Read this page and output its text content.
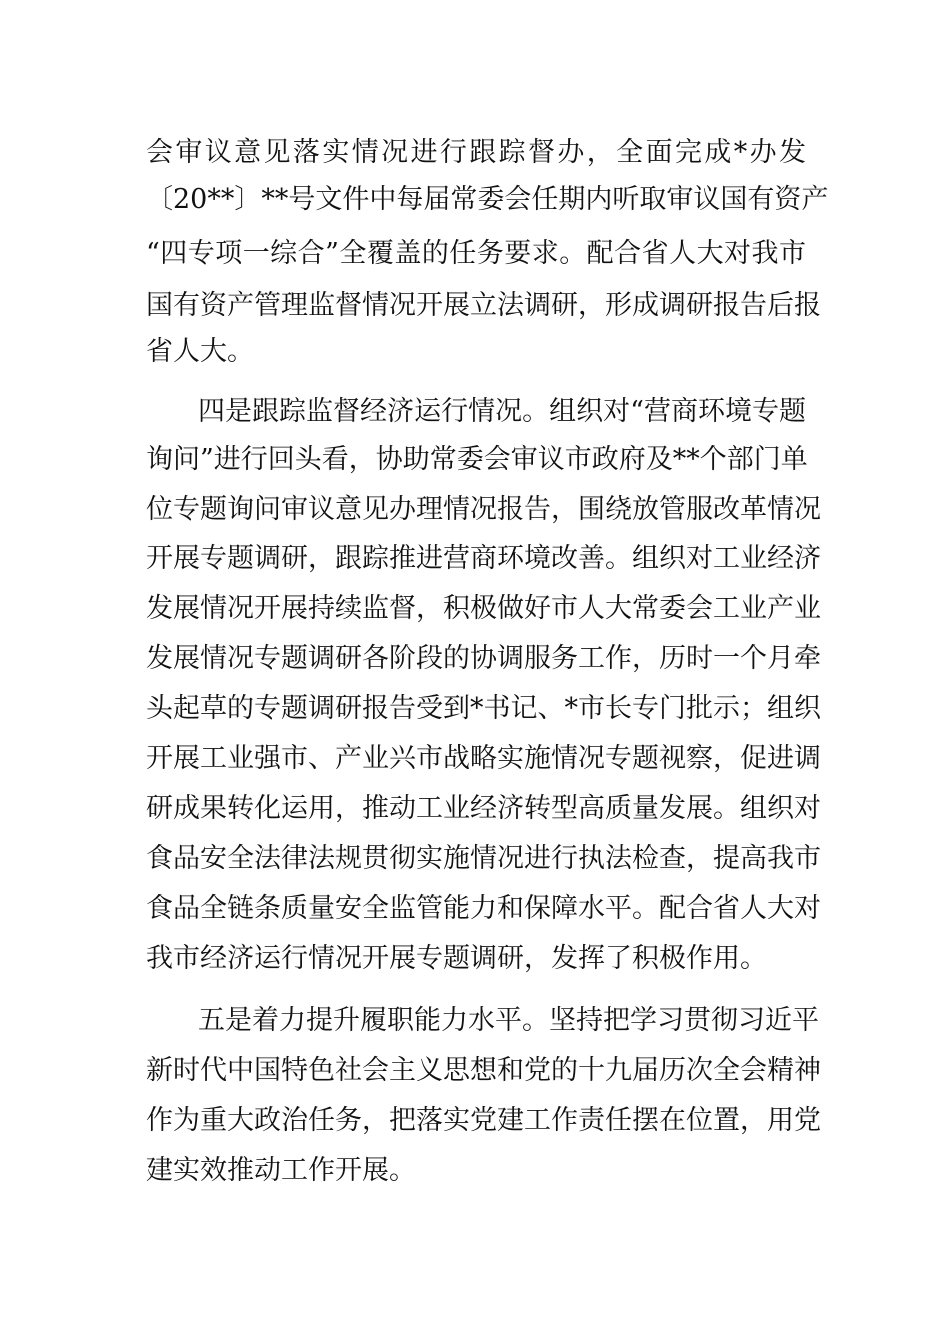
会审议意见落实情况进行跟踪督办，全面完成*办发
〔20**〕**号文件中每届常委会任期内听取审议国有资产
“四专项一综合”全覆盖的任务要求。配合省人大对我市
国有资产管理监督情况开展立法调研，形成调研报告后报
省人大。
四是跟踪监督经济运行情况。组织对“营商环境专题
询问”进行回头看，协助常委会审议市政府及**个部门单
位专题询问审议意见办理情况报告，围绕放管服改革情况
开展专题调研，跟踪推进营商环境改善。组织对工业经济
发展情况开展持续监督，积极做好市人大常委会工业产业
发展情况专题调研各阶段的协调服务工作，历时一个月牵
头起草的专题调研报告受到*书记、*市长专门批示；组织
开展工业强市、产业兴市战略实施情况专题视察，促进调
研成果转化运用，推动工业经济转型高质量发展。组织对
食品安全法律法规贯彻实施情况进行执法检查，提高我市
食品全链条质量安全监管能力和保障水平。配合省人大对
我市经济运行情况开展专题调研，发挥了积极作用。
五是着力提升履职能力水平。坚持把学习贯彻习近平
新时代中国特色社会主义思想和党的十九届历次全会精神
作为重大政治任务，把落实党建工作责任摆在位置，用党
建实效推动工作开展。
